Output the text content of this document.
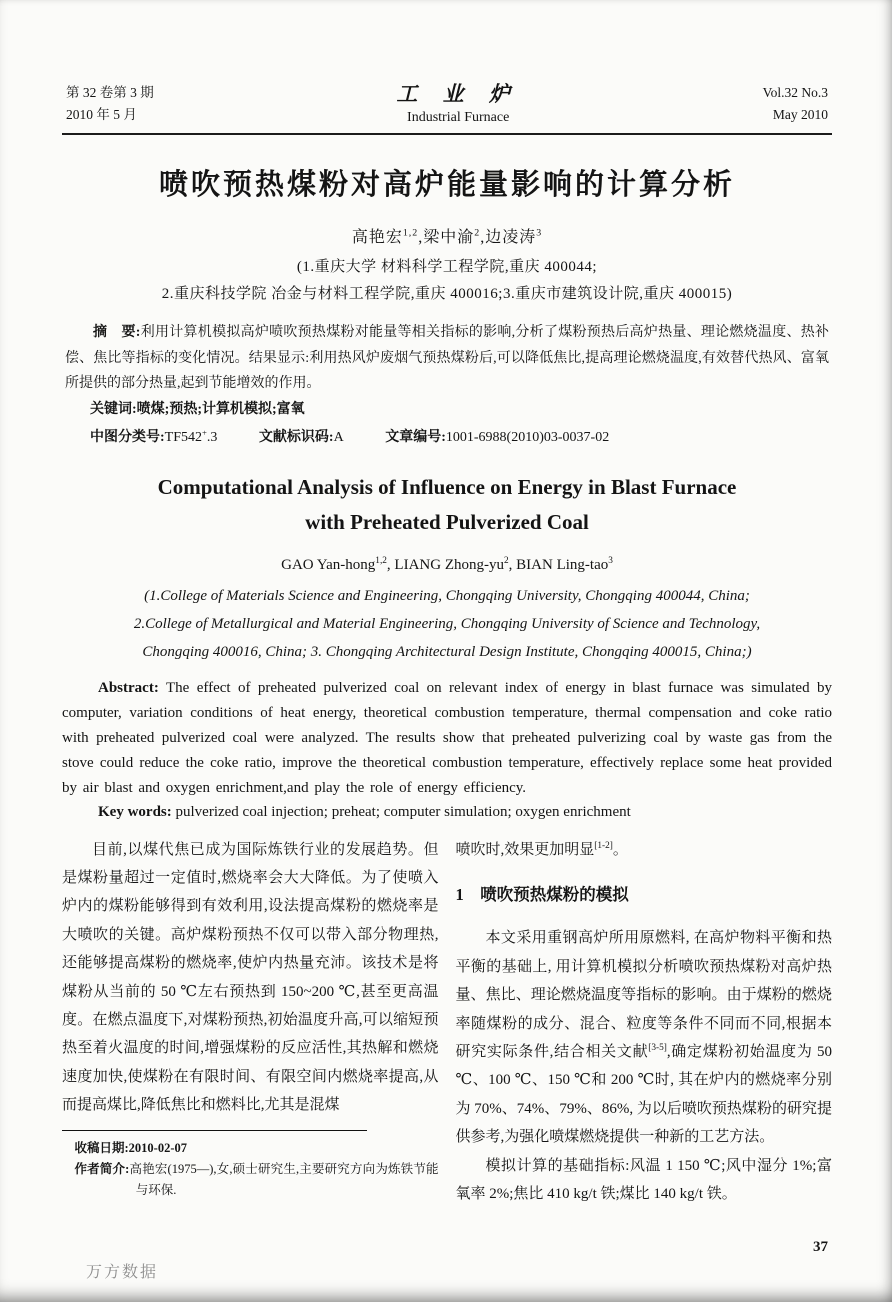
第 32 卷第 3 期
2010 年 5 月
工 业 炉
Industrial Furnace
Vol.32 No.3
May 2010
喷吹预热煤粉对高炉能量影响的计算分析
高艳宏$^{1,2}$,梁中渝$^2$,边凌涛$^3$
(1.重庆大学 材料科学工程学院,重庆 400044;
2.重庆科技学院 冶金与材料工程学院,重庆 400016;3.重庆市建筑设计院,重庆 400015)
摘　要:利用计算机模拟高炉喷吹预热煤粉对能量等相关指标的影响,分析了煤粉预热后高炉热量、理论燃烧温度、热补偿、焦比等指标的变化情况。结果显示:利用热风炉废烟气预热煤粉后,可以降低焦比,提高理论燃烧温度,有效替代热风、富氧所提供的部分热量,起到节能增效的作用。
关键词:喷煤;预热;计算机模拟;富氧
中图分类号:TF542+.3	文献标识码:A	文章编号:1001-6988(2010)03-0037-02
Computational Analysis of Influence on Energy in Blast Furnace
with Preheated Pulverized Coal
GAO Yan-hong$^{1,2}$, LIANG Zhong-$yu^2$, BIAN Ling-tao$^3$
(1.College of Materials Science and Engineering, Chongqing University, Chongqing 400044, China;
2.College of Metallurgical and Material Engineering, Chongqing University of Science and Technology,
Chongqing 400016, China; 3. Chongqing Architectural Design Institute, Chongqing 400015, China;)
Abstract: The effect of preheated pulverized coal on relevant index of energy in blast furnace was simulated by computer, variation conditions of heat energy, theoretical combustion temperature, thermal compensation and coke ratio with preheated pulverized coal were analyzed. The results show that preheated pulverizing coal by waste gas from the stove could reduce the coke ratio, improve the theoretical combustion temperature, effectively replace some heat provided by air blast and oxygen enrichment,and play the role of energy efficiency.
Key words: pulverized coal injection; preheat; computer simulation; oxygen enrichment

目前,以煤代焦已成为国际炼铁行业的发展趋势。但是煤粉量超过一定值时,燃烧率会大大降低。为了使喷入炉内的煤粉能够得到有效利用,设法提高煤粉的燃烧率是大喷吹的关键。高炉煤粉预热不仅可以带入部分物理热,还能够提高煤粉的燃烧率,使炉内热量充沛。该技术是将煤粉从当前的 50 ℃左右预热到 150~200 ℃,甚至更高温度。在燃点温度下,对煤粉预热,初始温度升高,可以缩短预热至着火温度的时间,增强煤粉的反应活性,其热解和燃烧速度加快,使煤粉在有限时间、有限空间内燃烧率提高,从而提高煤比,降低焦比和燃料比,尤其是混煤

收稿日期:2010-02-07
作者简介:高艳宏(1975—),女,硕士研究生,主要研究方向为炼铁节能与环保.

喷吹时,效果更加明显[1-2]。

1 喷吹预热煤粉的模拟

本文采用重钢高炉所用原燃料, 在高炉物料平衡和热平衡的基础上, 用计算机模拟分析喷吹预热煤粉对高炉热量、焦比、理论燃烧温度等指标的影响。由于煤粉的燃烧率随煤粉的成分、混合、粒度等条件不同而不同,根据本研究实际条件,结合相关文献[3-5],确定煤粉初始温度为 50 ℃、100 ℃、150 ℃和 200 ℃时, 其在炉内的燃烧率分别为 70%、74%、79%、86%, 为以后喷吹预热煤粉的研究提供参考,为强化喷煤燃烧提供一种新的工艺方法。

模拟计算的基础指标:风温 1 150 ℃;风中湿分 1%;富氧率 2%;焦比 410 kg/t 铁;煤比 140 kg/t 铁。

37
万方数据
